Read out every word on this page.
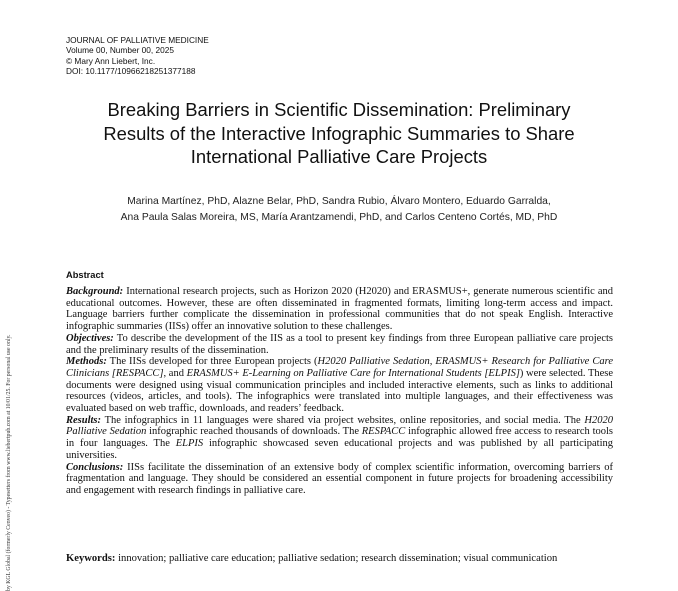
JOURNAL OF PALLIATIVE MEDICINE
Volume 00, Number 00, 2025
© Mary Ann Liebert, Inc.
DOI: 10.1177/10966218251377188
Breaking Barriers in Scientific Dissemination: Preliminary
Results of the Interactive Infographic Summaries to Share
International Palliative Care Projects
Marina Martínez, PhD, Alazne Belar, PhD, Sandra Rubio, Álvaro Montero, Eduardo Garralda,
Ana Paula Salas Moreira, MS, María Arantzamendi, PhD, and Carlos Centeno Cortés, MD, PhD
by KGL Global (formerly Cenveo) - Typesetters from www.liebertpub.com at 10/01/25. For personal use only.
Abstract

Background: International research projects, such as Horizon 2020 (H2020) and ERASMUS+, generate numerous scientific and educational outcomes. However, these are often disseminated in fragmented formats, limiting long-term access and impact. Language barriers further complicate the dissemination in professional communities that do not speak English. Interactive infographic summaries (IISs) offer an innovative solution to these challenges.

Objectives: To describe the development of the IIS as a tool to present key findings from three European palliative care projects and the preliminary results of the dissemination.

Methods: The IISs developed for three European projects (H2020 Palliative Sedation, ERASMUS+ Research for Palliative Care Clinicians [RESPACC], and ERASMUS+ E-Learning on Palliative Care for International Students [ELPIS]) were selected. These documents were designed using visual communication principles and included interactive elements, such as links to additional resources (videos, articles, and tools). The infographics were translated into multiple languages, and their effectiveness was evaluated based on web traffic, downloads, and readers’ feedback.

Results: The infographics in 11 languages were shared via project websites, online repositories, and social media. The H2020 Palliative Sedation infographic reached thousands of downloads. The RESPACC infographic allowed free access to research tools in four languages. The ELPIS infographic showcased seven educational projects and was published by all participating universities.

Conclusions: IISs facilitate the dissemination of an extensive body of complex scientific information, overcoming barriers of fragmentation and language. They should be considered an essential component in future projects for broadening accessibility and engagement with research findings in palliative care.

Keywords: innovation; palliative care education; palliative sedation; research dissemination; visual communication
